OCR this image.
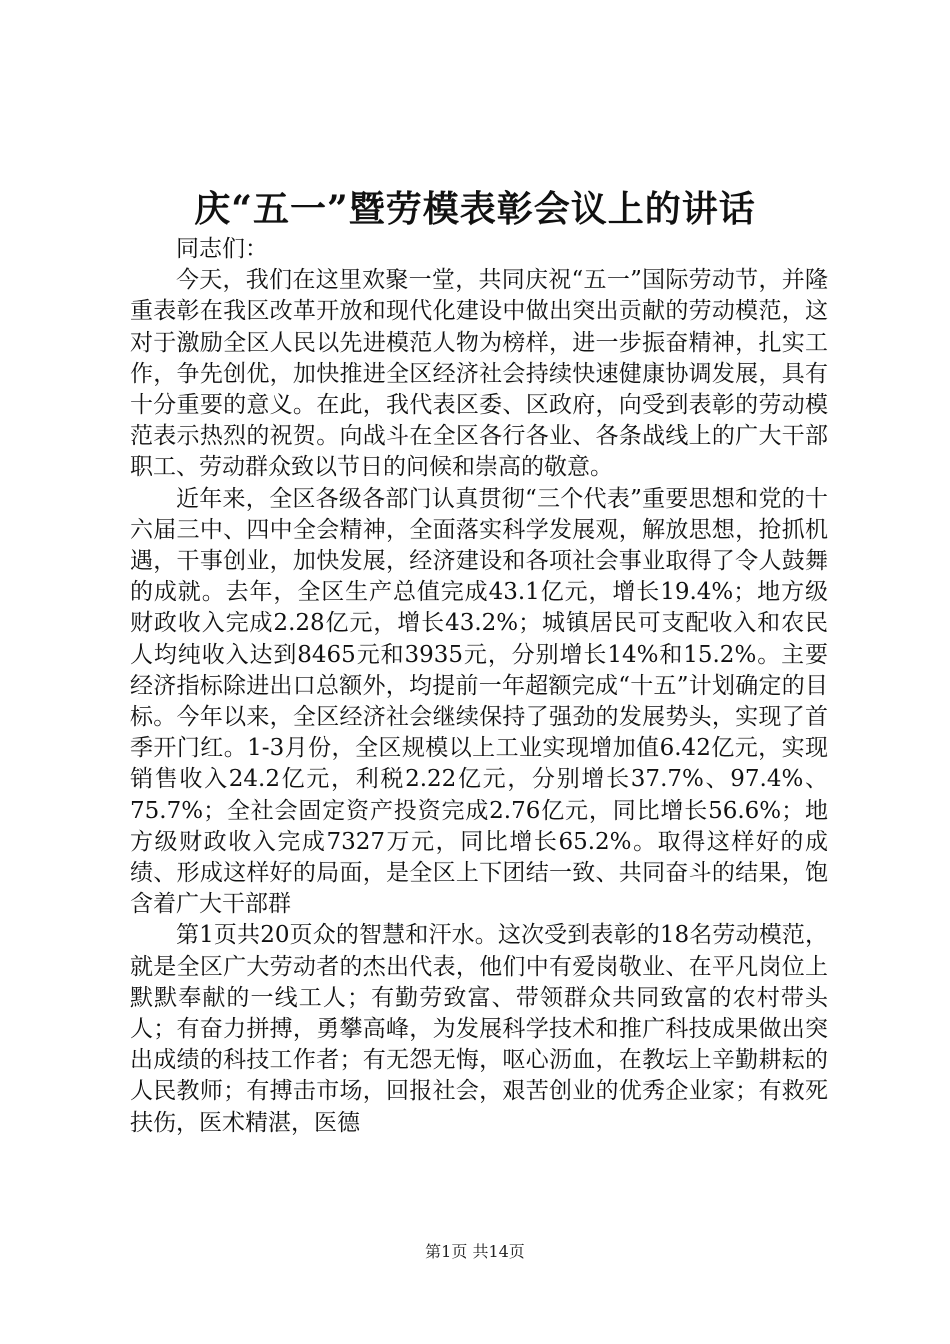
庆“五一”暨劳模表彰会议上的讲话

同志们：

今天，我们在这里欢聚一堂，共同庆祝“五一”国际劳动节，并隆重表彰在我区改革开放和现代化建设中做出突出贡献的劳动模范，这对于激励全区人民以先进模范人物为榜样，进一步振奋精神，扎实工作，争先创优，加快推进全区经济社会持续快速健康协调发展，具有十分重要的意义。在此，我代表区委、区政府，向受到表彰的劳动模范表示热烈的祝贺。向战斗在全区各行各业、各条战线上的广大干部职工、劳动群众致以节日的问候和崇高的敬意。

近年来，全区各级各部门认真贯彻“三个代表”重要思想和党的十六届三中、四中全会精神，全面落实科学发展观，解放思想，抢抓机遇，干事创业，加快发展，经济建设和各项社会事业取得了令人鼓舞的成就。去年，全区生产总值完成43.1亿元，增长19.4%；地方级财政收入完成2.28亿元，增长43.2%；城镇居民可支配收入和农民人均纯收入达到8465元和3935元，分别增长14%和15.2%。主要经济指标除进出口总额外，均提前一年超额完成“十五”计划确定的目标。今年以来，全区经济社会继续保持了强劲的发展势头，实现了首季开门红。1-3月份，全区规模以上工业实现增加值6.42亿元，实现销售收入24.2亿元，利税2.22亿元，分别增长37.7%、97.4%、75.7%；全社会固定资产投资完成2.76亿元，同比增长56.6%；地方级财政收入完成7327万元，同比增长65.2%。取得这样好的成绩、形成这样好的局面，是全区上下团结一致、共同奋斗的结果，饱含着广大干部群

第1页共20页众的智慧和汗水。这次受到表彰的18名劳动模范，就是全区广大劳动者的杰出代表，他们中有爱岗敬业、在平凡岗位上默默奉献的一线工人；有勤劳致富、带领群众共同致富的农村带头人；有奋力拼搏，勇攀高峰，为发展科学技术和推广科技成果做出突出成绩的科技工作者；有无怨无悔，呕心沥血，在教坛上辛勤耕耘的人民教师；有搏击市场，回报社会，艰苦创业的优秀企业家；有救死扶伤，医术精湛，医德

第1页 共14页
